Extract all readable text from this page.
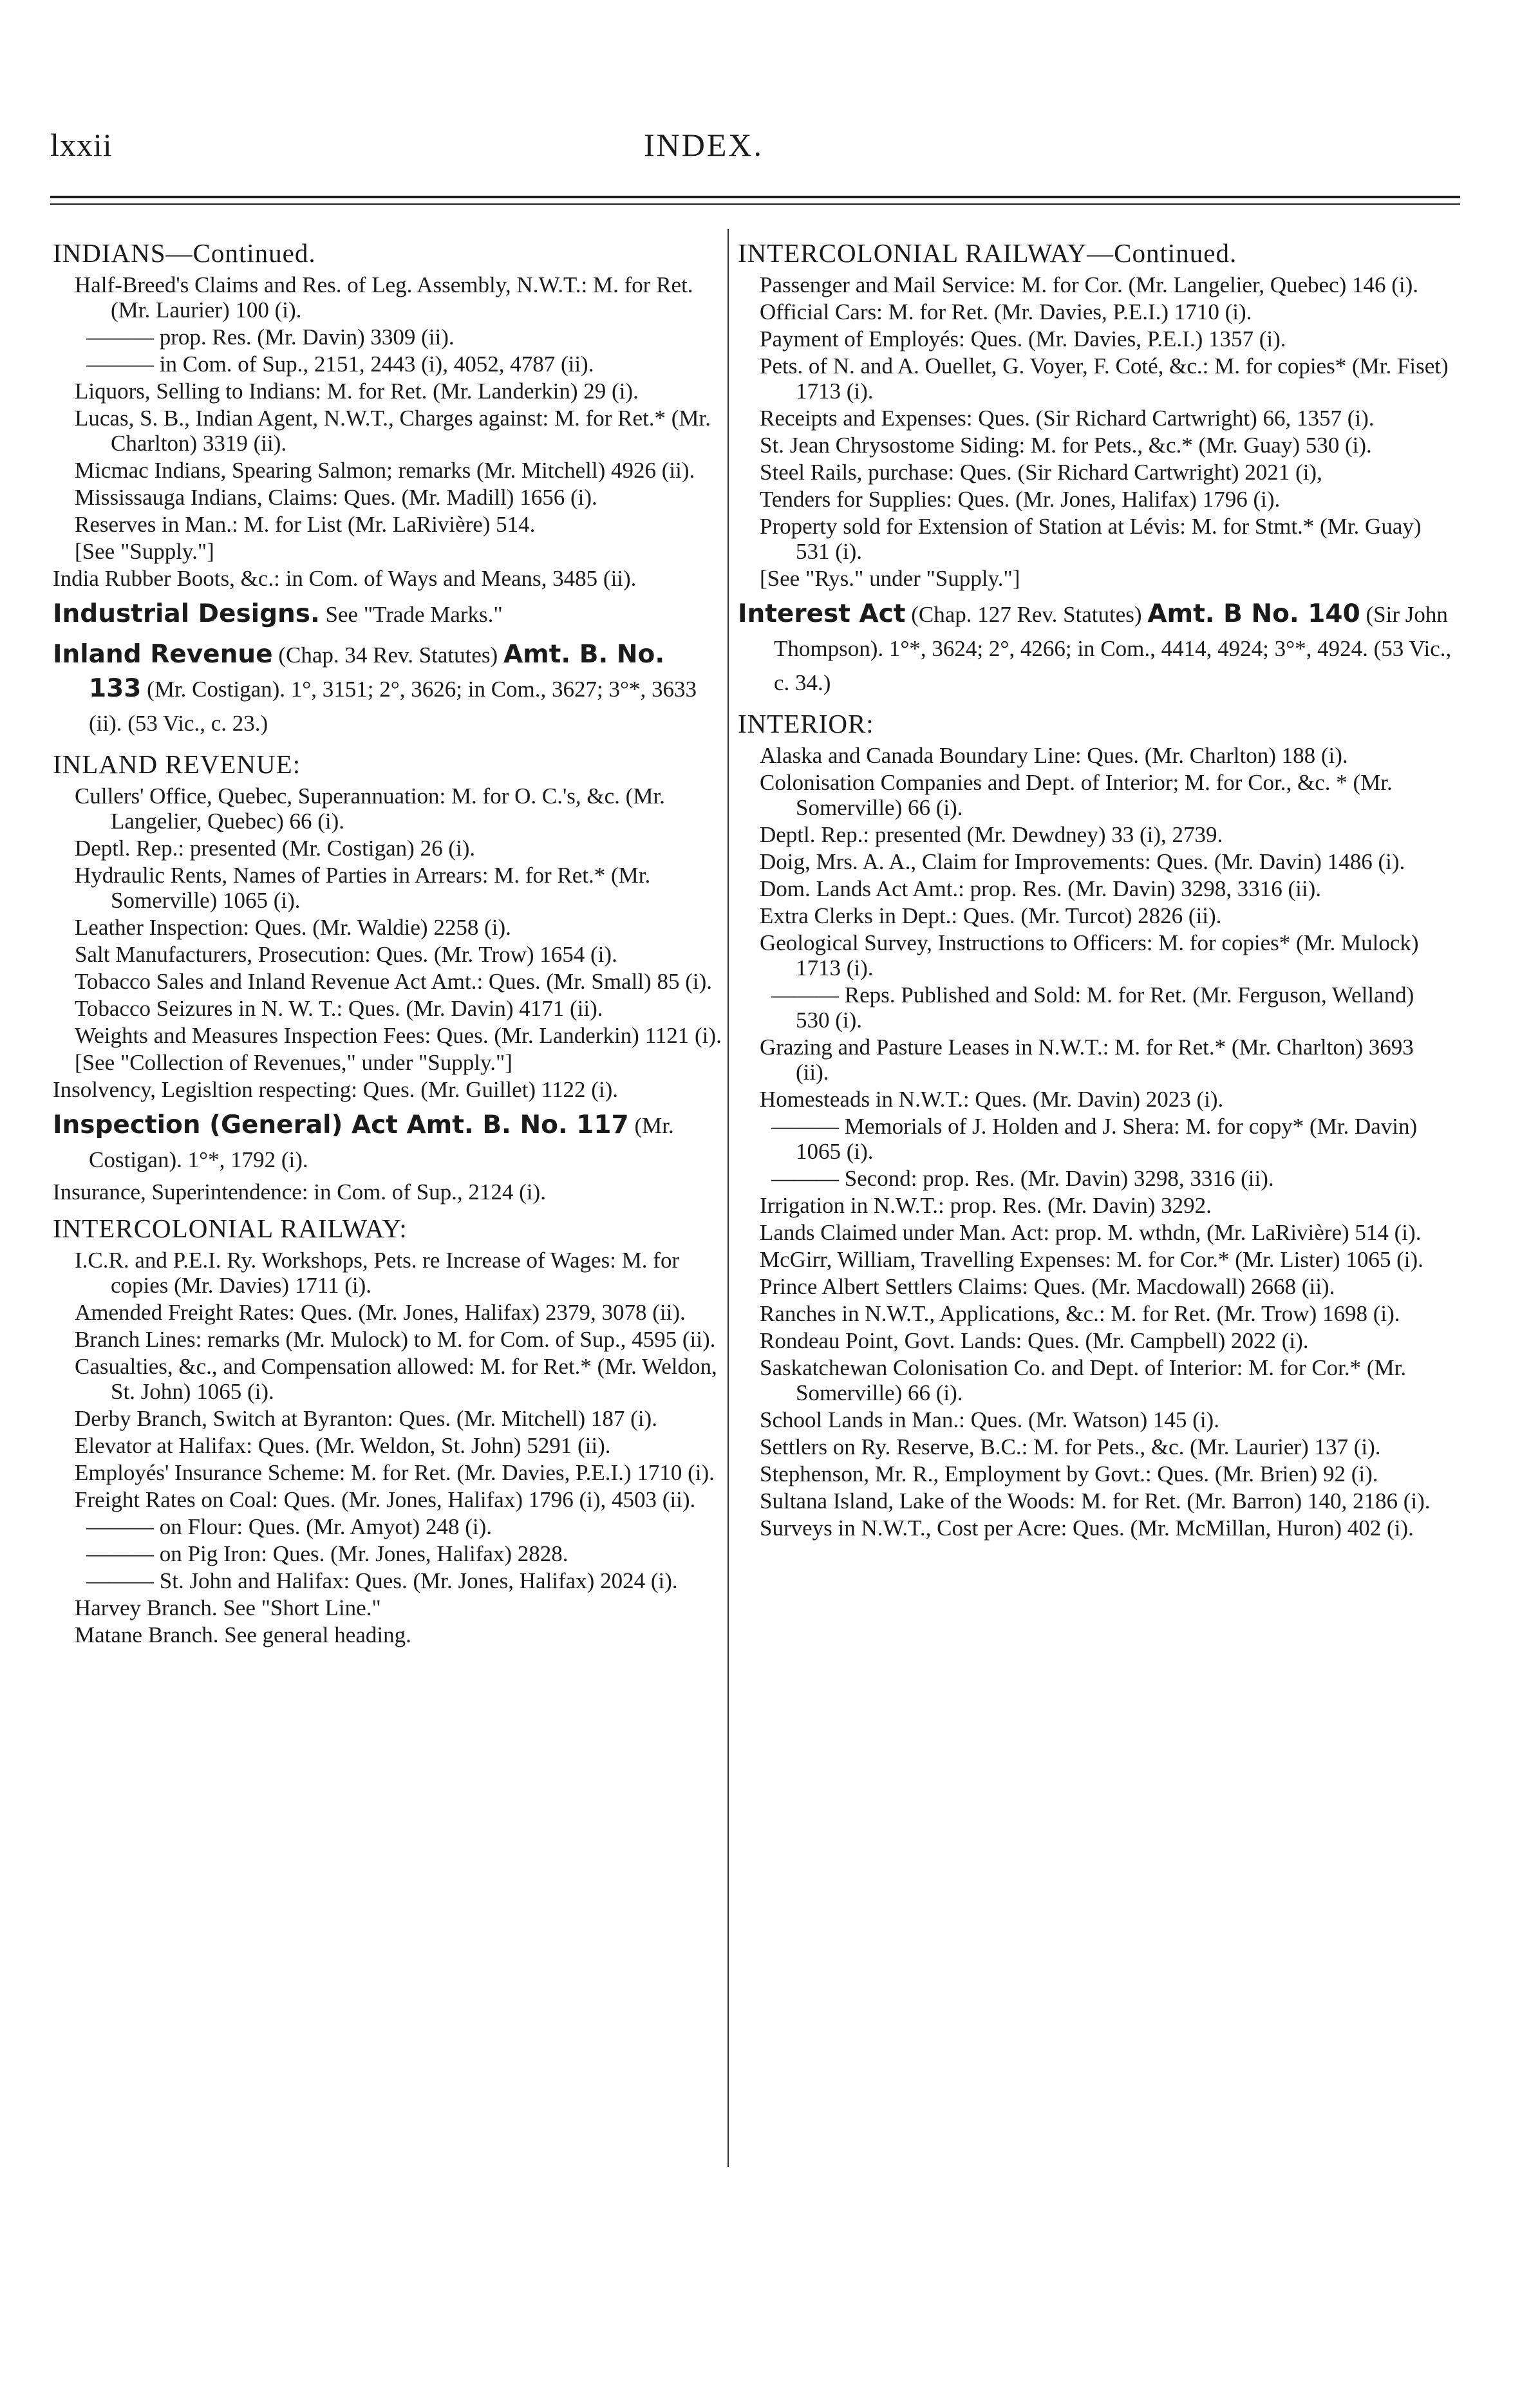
lxxii	INDEX.
INDIANS—Continued.
Half-Breed's Claims and Res. of Leg. Assembly, N.W.T.: M. for Ret. (Mr. Laurier) 100 (i).
——— prop. Res. (Mr. Davin) 3309 (ii).
——— in Com. of Sup., 2151, 2443 (i), 4052, 4787 (ii).
Liquors, Selling to Indians: M. for Ret. (Mr. Landerkin) 29 (i).
Lucas, S. B., Indian Agent, N.W.T., Charges against: M. for Ret.* (Mr. Charlton) 3319 (ii).
Micmac Indians, Spearing Salmon; remarks (Mr. Mitchell) 4926 (ii).
Mississauga Indians, Claims: Ques. (Mr. Madill) 1656 (i).
Reserves in Man.: M. for List (Mr. LaRivière) 514.
[See "Supply."]
India Rubber Boots, &c.: in Com. of Ways and Means, 3485 (ii).
Industrial Designs. See "Trade Marks."
Inland Revenue (Chap. 34 Rev. Statutes) Amt. B. No. 133 (Mr. Costigan). 1°, 3151; 2°, 3626; in Com., 3627; 3°*, 3633 (ii). (53 Vic., c. 23.)
INLAND REVENUE:
Cullers' Office, Quebec, Superannuation: M. for O. C.'s, &c. (Mr. Langelier, Quebec) 66 (i).
Deptl. Rep.: presented (Mr. Costigan) 26 (i).
Hydraulic Rents, Names of Parties in Arrears: M. for Ret.* (Mr. Somerville) 1065 (i).
Leather Inspection: Ques. (Mr. Waldie) 2258 (i).
Salt Manufacturers, Prosecution: Ques. (Mr. Trow) 1654 (i).
Tobacco Sales and Inland Revenue Act Amt.: Ques. (Mr. Small) 85 (i).
Tobacco Seizures in N. W. T.: Ques. (Mr. Davin) 4171 (ii).
Weights and Measures Inspection Fees: Ques. (Mr. Landerkin) 1121 (i).
[See "Collection of Revenues," under "Supply."]
Insolvency, Legisltion respecting: Ques. (Mr. Guillet) 1122 (i).
Inspection (General) Act Amt. B. No. 117 (Mr. Costigan). 1°*, 1792 (i).
Insurance, Superintendence: in Com. of Sup., 2124 (i).
INTERCOLONIAL RAILWAY:
I.C.R. and P.E.I. Ry. Workshops, Pets. re Increase of Wages: M. for copies (Mr. Davies) 1711 (i).
Amended Freight Rates: Ques. (Mr. Jones, Halifax) 2379, 3078 (ii).
Branch Lines: remarks (Mr. Mulock) to M. for Com. of Sup., 4595 (ii).
Casualties, &c., and Compensation allowed: M. for Ret.* (Mr. Weldon, St. John) 1065 (i).
Derby Branch, Switch at Byranton: Ques. (Mr. Mitchell) 187 (i).
Elevator at Halifax: Ques. (Mr. Weldon, St. John) 5291 (ii).
Employés' Insurance Scheme: M. for Ret. (Mr. Davies, P.E.I.) 1710 (i).
Freight Rates on Coal: Ques. (Mr. Jones, Halifax) 1796 (i), 4503 (ii).
——— on Flour: Ques. (Mr. Amyot) 248 (i).
——— on Pig Iron: Ques. (Mr. Jones, Halifax) 2828.
——— St. John and Halifax: Ques. (Mr. Jones, Halifax) 2024 (i).
Harvey Branch. See "Short Line."
Matane Branch. See general heading.
INTERCOLONIAL RAILWAY—Continued.
Passenger and Mail Service: M. for Cor. (Mr. Langelier, Quebec) 146 (i).
Official Cars: M. for Ret. (Mr. Davies, P.E.I.) 1710 (i).
Payment of Employés: Ques. (Mr. Davies, P.E.I.) 1357 (i).
Pets. of N. and A. Ouellet, G. Voyer, F. Coté, &c.: M. for copies* (Mr. Fiset) 1713 (i).
Receipts and Expenses: Ques. (Sir Richard Cartwright) 66, 1357 (i).
St. Jean Chrysostome Siding: M. for Pets., &c.* (Mr. Guay) 530 (i).
Steel Rails, purchase: Ques. (Sir Richard Cartwright) 2021 (i),
Tenders for Supplies: Ques. (Mr. Jones, Halifax) 1796 (i).
Property sold for Extension of Station at Lévis: M. for Stmt.* (Mr. Guay) 531 (i).
[See "Rys." under "Supply."]
Interest Act (Chap. 127 Rev. Statutes) Amt. B No. 140 (Sir John Thompson). 1°*, 3624; 2°, 4266; in Com., 4414, 4924; 3°*, 4924. (53 Vic., c. 34.)
INTERIOR:
Alaska and Canada Boundary Line: Ques. (Mr. Charlton) 188 (i).
Colonisation Companies and Dept. of Interior; M. for Cor., &c. * (Mr. Somerville) 66 (i).
Deptl. Rep.: presented (Mr. Dewdney) 33 (i), 2739.
Doig, Mrs. A. A., Claim for Improvements: Ques. (Mr. Davin) 1486 (i).
Dom. Lands Act Amt.: prop. Res. (Mr. Davin) 3298, 3316 (ii).
Extra Clerks in Dept.: Ques. (Mr. Turcot) 2826 (ii).
Geological Survey, Instructions to Officers: M. for copies* (Mr. Mulock) 1713 (i).
——— Reps. Published and Sold: M. for Ret. (Mr. Ferguson, Welland) 530 (i).
Grazing and Pasture Leases in N.W.T.: M. for Ret.* (Mr. Charlton) 3693 (ii).
Homesteads in N.W.T.: Ques. (Mr. Davin) 2023 (i).
——— Memorials of J. Holden and J. Shera: M. for copy* (Mr. Davin) 1065 (i).
——— Second: prop. Res. (Mr. Davin) 3298, 3316 (ii).
Irrigation in N.W.T.: prop. Res. (Mr. Davin) 3292.
Lands Claimed under Man. Act: prop. M. wthdn, (Mr. LaRivière) 514 (i).
McGirr, William, Travelling Expenses: M. for Cor.* (Mr. Lister) 1065 (i).
Prince Albert Settlers Claims: Ques. (Mr. Macdowall) 2668 (ii).
Ranches in N.W.T., Applications, &c.: M. for Ret. (Mr. Trow) 1698 (i).
Rondeau Point, Govt. Lands: Ques. (Mr. Campbell) 2022 (i).
Saskatchewan Colonisation Co. and Dept. of Interior: M. for Cor.* (Mr. Somerville) 66 (i).
School Lands in Man.: Ques. (Mr. Watson) 145 (i).
Settlers on Ry. Reserve, B.C.: M. for Pets., &c. (Mr. Laurier) 137 (i).
Stephenson, Mr. R., Employment by Govt.: Ques. (Mr. Brien) 92 (i).
Sultana Island, Lake of the Woods: M. for Ret. (Mr. Barron) 140, 2186 (i).
Surveys in N.W.T., Cost per Acre: Ques. (Mr. McMillan, Huron) 402 (i).
